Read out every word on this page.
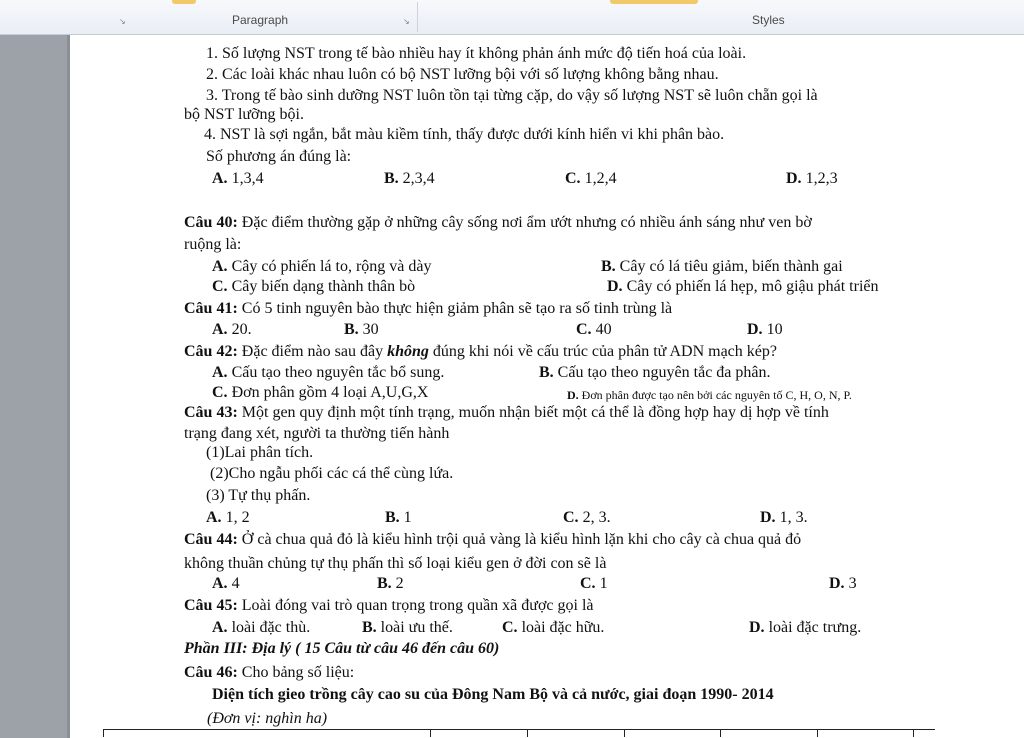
↘	Paragraph	↘	Styles
1. Số lượng NST trong tế bào nhiều hay ít không phản ánh mức độ tiến hoá của loài.
2. Các loài khác nhau luôn có bộ NST lưỡng bội với số lượng không bằng nhau.
3. Trong tế bào sinh dưỡng NST luôn tồn tại từng cặp, do vậy số lượng NST sẽ luôn chẵn gọi là
bộ NST lưỡng bội.
4. NST là sợi ngắn, bắt màu kiềm tính, thấy được dưới kính hiển vi khi phân bào.
Số phương án đúng là:
A. 1,3,4	B. 2,3,4	C. 1,2,4	D. 1,2,3
Câu 40: Đặc điểm thường gặp ở những cây sống nơi ẩm ướt nhưng có nhiều ánh sáng như ven bờ
ruộng là:
A. Cây có phiến lá to, rộng và dày	B. Cây có lá tiêu giảm, biến thành gai
C. Cây biến dạng thành thân bò	D. Cây có phiến lá hẹp, mô giậu phát triển
Câu 41: Có 5 tinh nguyên bào thực hiện giảm phân sẽ tạo ra số tinh trùng là
A. 20.	B. 30	C. 40	D. 10
Câu 42: Đặc điểm nào sau đây không đúng khi nói về cấu trúc của phân tử ADN mạch kép?
A. Cấu tạo theo nguyên tắc bổ sung.	B. Cấu tạo theo nguyên tắc đa phân.
C. Đơn phân gồm 4 loại A,U,G,X	D. Đơn phân được tạo nên bởi các nguyên tố C, H, O, N, P.
Câu 43: Một gen quy định một tính trạng, muốn nhận biết một cá thể là đồng hợp hay dị hợp về tính
trạng đang xét, người ta thường tiến hành
(1)Lai phân tích.
(2)Cho ngẫu phối các cá thể cùng lứa.
(3) Tự thụ phấn.
A. 1, 2	B. 1	C. 2, 3.	D. 1, 3.
Câu 44: Ở cà chua quả đỏ là kiểu hình trội quả vàng là kiểu hình lặn khi cho cây cà chua quả đỏ
không thuần chủng tự thụ phấn thì số loại kiểu gen ở đời con sẽ là
A. 4	B. 2	C. 1	D. 3
Câu 45: Loài đóng vai trò quan trọng trong quần xã được gọi là
A. loài đặc thù.	B. loài ưu thế.	C. loài đặc hữu.	D. loài đặc trưng.
Phần III: Địa lý ( 15 Câu từ câu 46 đến câu 60)
Câu 46: Cho bảng số liệu:
Diện tích gieo trồng cây cao su của Đông Nam Bộ và cả nước, giai đoạn 1990- 2014
(Đơn vị: nghìn ha)
